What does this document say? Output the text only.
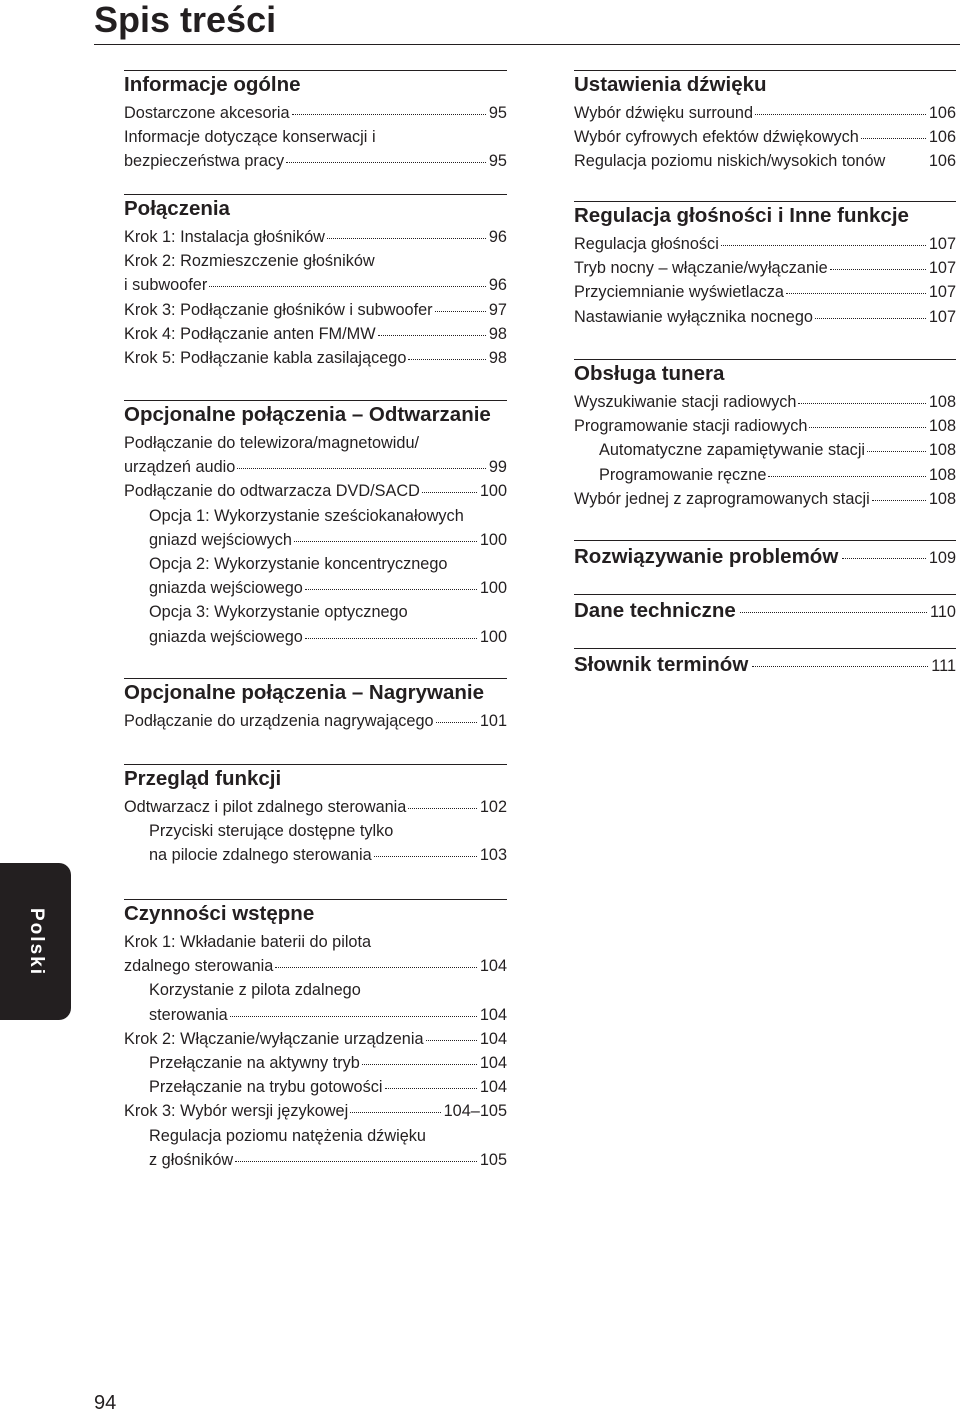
Spis treści
Informacje ogólne
Dostarczone akcesoria	95
Informacje dotyczące konserwacji i
bezpieczeństwa pracy	95
Połączenia
Krok 1: Instalacja głośników	96
Krok 2: Rozmieszczenie głośników
i subwoofer	96
Krok 3: Podłączanie głośników i subwoofer	97
Krok 4: Podłączanie anten FM/MW	98
Krok 5: Podłączanie kabla zasilającego	98
Opcjonalne połączenia – Odtwarzanie
Podłączanie do telewizora/magnetowidu/
urządzeń audio	99
Podłączanie do odtwarzacza DVD/SACD	100
Opcja 1: Wykorzystanie sześciokanałowych
gniazd wejściowych	100
Opcja 2: Wykorzystanie koncentrycznego
gniazda wejściowego	100
Opcja 3: Wykorzystanie optycznego
gniazda wejściowego	100
Opcjonalne połączenia – Nagrywanie
Podłączanie do urządzenia nagrywającego	101
Przegląd funkcji
Odtwarzacz i pilot zdalnego sterowania	102
Przyciski sterujące dostępne tylko
na pilocie zdalnego sterowania	103
Czynności wstępne
Krok 1: Wkładanie baterii do pilota
zdalnego sterowania	104
Korzystanie z pilota zdalnego
sterowania	104
Krok 2: Włączanie/wyłączanie urządzenia	104
Przełączanie na aktywny tryb	104
Przełączanie na trybu gotowości	104
Krok 3: Wybór wersji językowej	104–105
Regulacja poziomu natężenia dźwięku
z głośników	105
Ustawienia dźwięku
Wybór dźwięku surround	106
Wybór cyfrowych efektów dźwiękowych	106
Regulacja poziomu niskich/wysokich tonów	106
Regulacja głośności i Inne funkcje
Regulacja głośności	107
Tryb nocny – włączanie/wyłączanie	107
Przyciemnianie wyświetlacza	107
Nastawianie wyłącznika nocnego	107
Obsługa tunera
Wyszukiwanie stacji radiowych	108
Programowanie stacji radiowych	108
Automatyczne zapamiętywanie stacji	108
Programowanie ręczne	108
Wybór jednej z zaprogramowanych stacji	108
Rozwiązywanie problemów	109
Dane techniczne	110
Słownik terminów	111
Polski
94
